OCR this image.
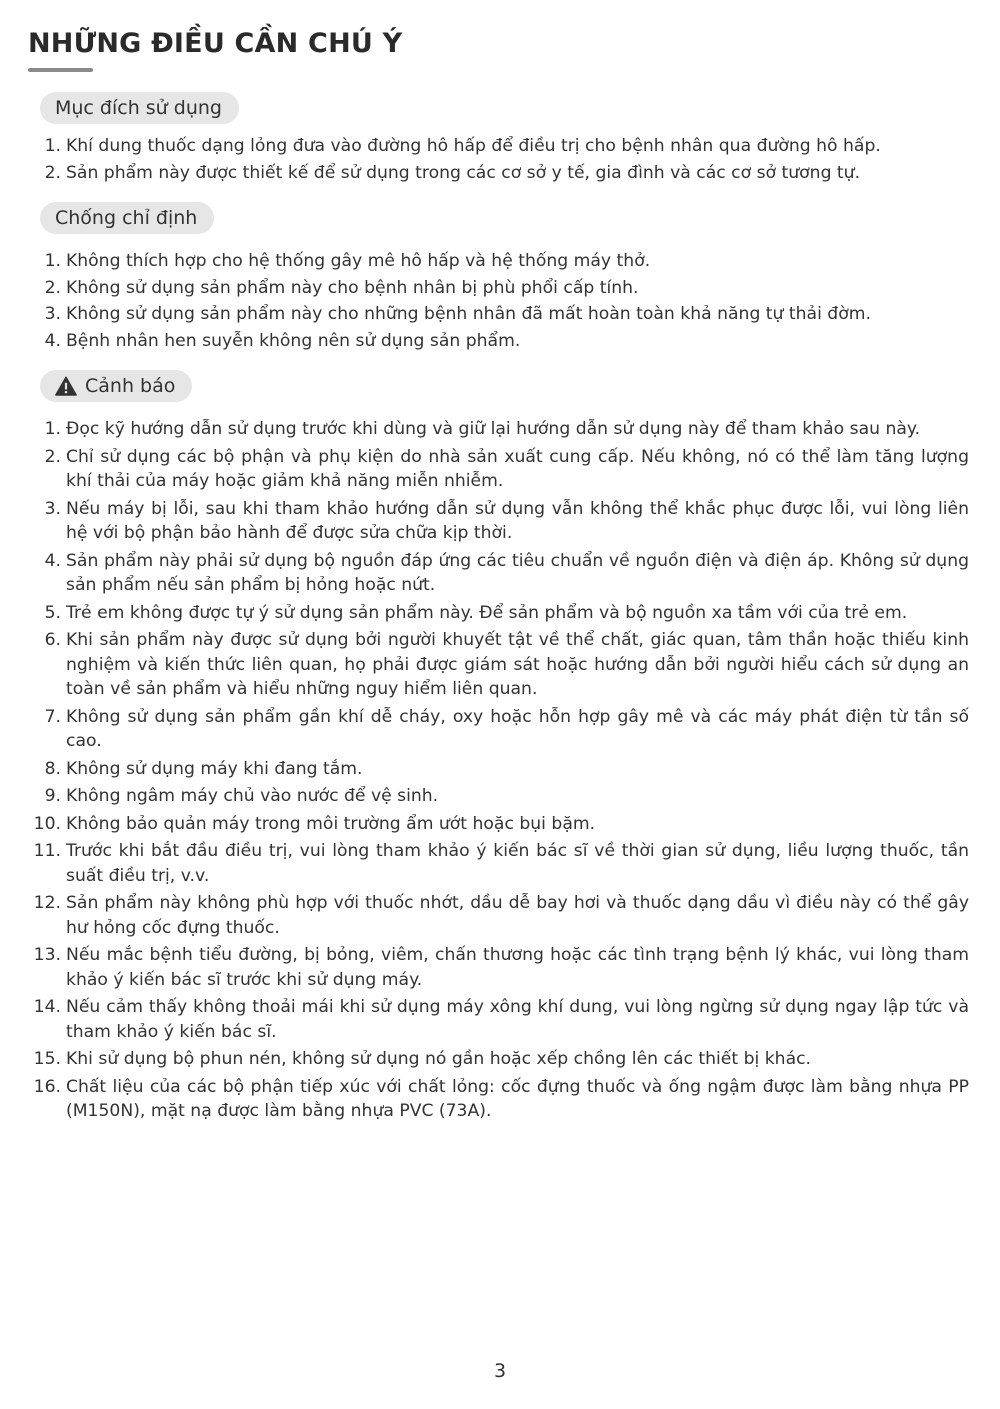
NHỮNG ĐIỀU CẦN CHÚ Ý
Mục đích sử dụng
1. Khí dung thuốc dạng lỏng đưa vào đường hô hấp để điều trị cho bệnh nhân qua đường hô hấp.
2. Sản phẩm này được thiết kế để sử dụng trong các cơ sở y tế, gia đình và các cơ sở tương tự.
Chống chỉ định
1. Không thích hợp cho hệ thống gây mê hô hấp và hệ thống máy thở.
2. Không sử dụng sản phẩm này cho bệnh nhân bị phù phổi cấp tính.
3. Không sử dụng sản phẩm này cho những bệnh nhân đã mất hoàn toàn khả năng tự thải đờm.
4. Bệnh nhân hen suyễn không nên sử dụng sản phẩm.
Cảnh báo
1. Đọc kỹ hướng dẫn sử dụng trước khi dùng và giữ lại hướng dẫn sử dụng này để tham khảo sau này.
2. Chỉ sử dụng các bộ phận và phụ kiện do nhà sản xuất cung cấp. Nếu không, nó có thể làm tăng lượng khí thải của máy hoặc giảm khả năng miễn nhiễm.
3. Nếu máy bị lỗi, sau khi tham khảo hướng dẫn sử dụng vẫn không thể khắc phục được lỗi, vui lòng liên hệ với bộ phận bảo hành để được sửa chữa kịp thời.
4. Sản phẩm này phải sử dụng bộ nguồn đáp ứng các tiêu chuẩn về nguồn điện và điện áp. Không sử dụng sản phẩm nếu sản phẩm bị hỏng hoặc nứt.
5. Trẻ em không được tự ý sử dụng sản phẩm này. Để sản phẩm và bộ nguồn xa tầm với của trẻ em.
6. Khi sản phẩm này được sử dụng bởi người khuyết tật về thể chất, giác quan, tâm thần hoặc thiếu kinh nghiệm và kiến thức liên quan, họ phải được giám sát hoặc hướng dẫn bởi người hiểu cách sử dụng an toàn về sản phẩm và hiểu những nguy hiểm liên quan.
7. Không sử dụng sản phẩm gần khí dễ cháy, oxy hoặc hỗn hợp gây mê và các máy phát điện từ tần số cao.
8. Không sử dụng máy khi đang tắm.
9. Không ngâm máy chủ vào nước để vệ sinh.
10. Không bảo quản máy trong môi trường ẩm ướt hoặc bụi bặm.
11. Trước khi bắt đầu điều trị, vui lòng tham khảo ý kiến bác sĩ về thời gian sử dụng, liều lượng thuốc, tần suất điều trị, v.v.
12. Sản phẩm này không phù hợp với thuốc nhớt, dầu dễ bay hơi và thuốc dạng dầu vì điều này có thể gây hư hỏng cốc đựng thuốc.
13. Nếu mắc bệnh tiểu đường, bị bỏng, viêm, chấn thương hoặc các tình trạng bệnh lý khác, vui lòng tham khảo ý kiến bác sĩ trước khi sử dụng máy.
14. Nếu cảm thấy không thoải mái khi sử dụng máy xông khí dung, vui lòng ngừng sử dụng ngay lập tức và tham khảo ý kiến bác sĩ.
15. Khi sử dụng bộ phun nén, không sử dụng nó gần hoặc xếp chồng lên các thiết bị khác.
16. Chất liệu của các bộ phận tiếp xúc với chất lỏng: cốc đựng thuốc và ống ngậm được làm bằng nhựa PP (M150N), mặt nạ được làm bằng nhựa PVC (73A).
3
